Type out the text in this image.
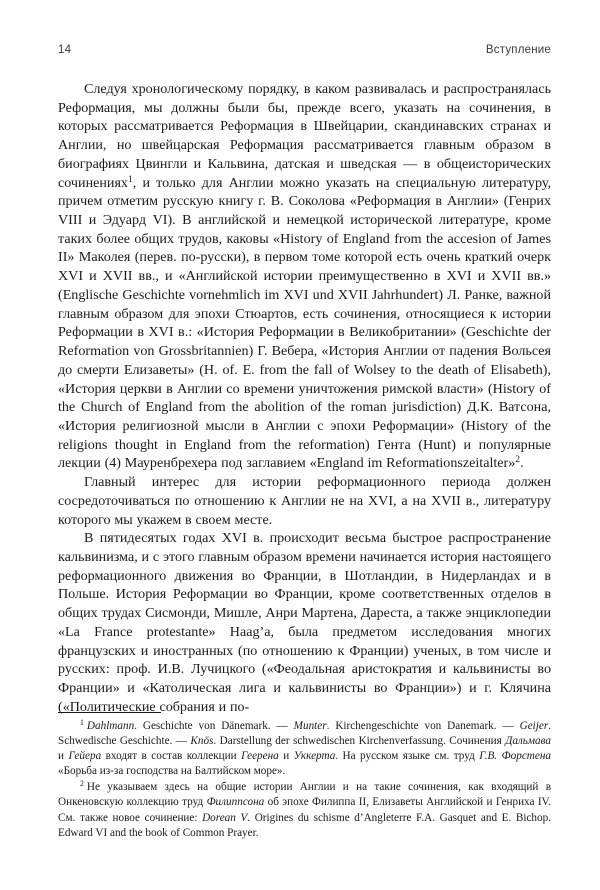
14	Вступление

Следуя хронологическому порядку, в каком развивалась и распространялась Реформация, мы должны были бы, прежде всего, указать на сочинения, в которых рассматривается Реформация в Швейцарии, скандинавских странах и Англии, но швейцарская Реформация рассматривается главным образом в биографиях Цвингли и Кальвина, датская и шведская — в общеисторических сочинениях$^1$, и только для Англии можно указать на специальную литературу, причем отметим русскую книгу г. В. Соколова «Реформация в Англии» (Генрих VIII и Эдуард VI). В английской и немецкой исторической литературе, кроме таких более общих трудов, каковы «History of England from the accesion of James II» Маколея (перев. по-русски), в первом томе которой есть очень краткий очерк XVI и XVII вв., и «Английской истории преимущественно в XVI и XVII вв.» (Englische Geschichte vornehmlich im XVI und XVII Jahrhundert) Л. Ранке, важной главным образом для эпохи Стюартов, есть сочинения, относящиеся к истории Реформации в XVI в.: «История Реформации в Великобритании» (Geschichte der Reformation von Grossbritannien) Г. Вебера, «История Англии от падения Вольсея до смерти Елизаветы» (H. of. E. from the fall of Wolsey to the death of Elisabeth), «История церкви в Англии со времени уничтожения римской власти» (History of the Church of England from the abolition of the roman jurisdiction) Д.К. Ватсона, «История религиозной мысли в Англии с эпохи Реформации» (History of the religions thought in England from the reformation) Гента (Hunt) и популярные лекции (4) Мауренбрехера под заглавием «England im Reformationszeitalter»$^2$.

Главный интерес для истории реформационного периода должен сосредоточиваться по отношению к Англии не на XVI, а на XVII в., литературу которого мы укажем в своем месте.

В пятидесятых годах XVI в. происходит весьма быстрое распространение кальвинизма, и с этого главным образом времени начинается история настоящего реформационного движения во Франции, в Шотландии, в Нидерландах и в Польше. История Реформации во Франции, кроме соответственных отделов в общих трудах Сисмонди, Мишле, Анри Мартена, Дареста, а также энциклопедии «La France protestante» Haag’a, была предметом исследования многих французских и иностранных (по отношению к Франции) ученых, в том числе и русских: проф. И.В. Лучицкого («Феодальная аристократия и кальвинисты во Франции» и «Католическая лига и кальвинисты во Франции») и г. Клячина («Политические собрания и по-

$^1$ Dahlmann. Geschichte von Dänemark. — Munter. Kirchengeschichte von Danemark. — Geijer. Schwedische Geschichte. — Knös. Darstellung der schwedischen Kirchenverfassung. Сочинения Дальмава и Гейера входят в состав коллекции Геерена и Уккерта. На русском языке см. труд Г.В. Форстена «Борьба из-за господства на Балтийском море».

$^2$ Не указываем здесь на общие истории Англии и на такие сочинения, как входящий в Онкеновскую коллекцию труд Филиппсона об эпохе Филиппа II, Елизаветы Английской и Генриха IV. См. также новое сочинение: Dorean V. Origines du schisme d’Angleterre F.A. Gasquet and E. Bichop. Edward VI and the book of Common Prayer.
